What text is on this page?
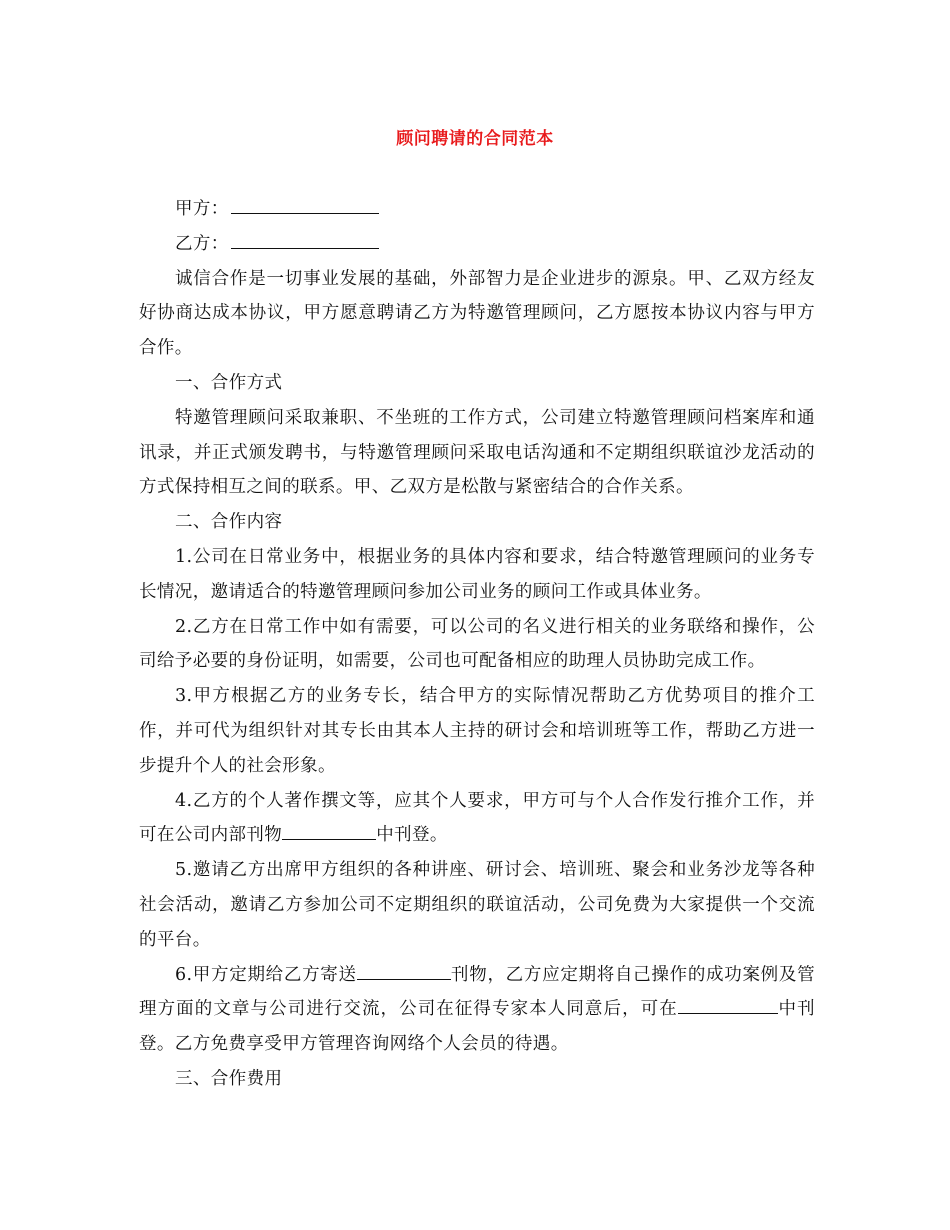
顾问聘请的合同范本
甲方：
乙方：

诚信合作是一切事业发展的基础，外部智力是企业进步的源泉。甲、乙双方经友好协商达成本协议，甲方愿意聘请乙方为特邀管理顾问，乙方愿按本协议内容与甲方合作。

一、合作方式

特邀管理顾问采取兼职、不坐班的工作方式，公司建立特邀管理顾问档案库和通讯录，并正式颁发聘书，与特邀管理顾问采取电话沟通和不定期组织联谊沙龙活动的方式保持相互之间的联系。甲、乙双方是松散与紧密结合的合作关系。

二、合作内容

1.公司在日常业务中，根据业务的具体内容和要求，结合特邀管理顾问的业务专长情况，邀请适合的特邀管理顾问参加公司业务的顾问工作或具体业务。

2.乙方在日常工作中如有需要，可以公司的名义进行相关的业务联络和操作，公司给予必要的身份证明，如需要，公司也可配备相应的助理人员协助完成工作。

3.甲方根据乙方的业务专长，结合甲方的实际情况帮助乙方优势项目的推介工作，并可代为组织针对其专长由其本人主持的研讨会和培训班等工作，帮助乙方进一步提升个人的社会形象。

4.乙方的个人著作撰文等，应其个人要求，甲方可与个人合作发行推介工作，并可在公司内部刊物	中刊登。

5.邀请乙方出席甲方组织的各种讲座、研讨会、培训班、聚会和业务沙龙等各种社会活动，邀请乙方参加公司不定期组织的联谊活动，公司免费为大家提供一个交流的平台。

6.甲方定期给乙方寄送	刊物，乙方应定期将自己操作的成功案例及管理方面的文章与公司进行交流，公司在征得专家本人同意后，可在	中刊登。乙方免费享受甲方管理咨询网络个人会员的待遇。

三、合作费用
